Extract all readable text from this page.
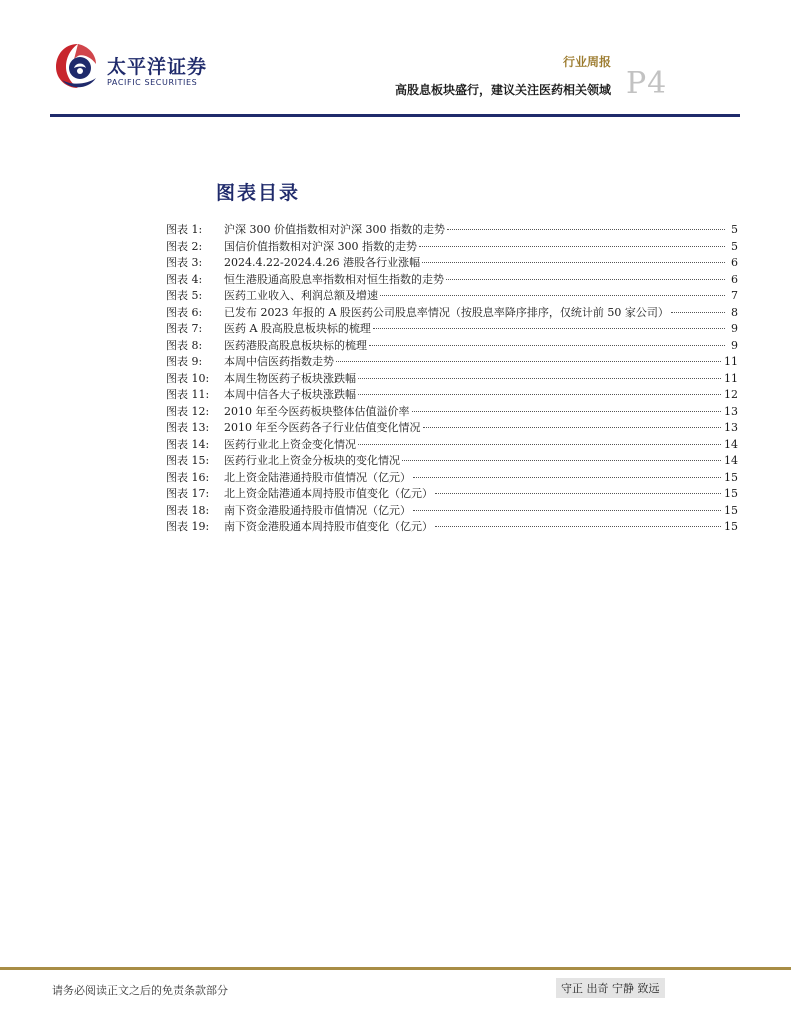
太平洋证券
PACIFIC SECURITIES
行业周报
高股息板块盛行，建议关注医药相关领域 P4
图表目录
图表 1:	沪深 300 价值指数相对沪深 300 指数的走势	5
图表 2:	国信价值指数相对沪深 300 指数的走势	5
图表 3:	2024.4.22-2024.4.26 港股各行业涨幅	6
图表 4:	恒生港股通高股息率指数相对恒生指数的走势	6
图表 5:	医药工业收入、利润总额及增速	7
图表 6:	已发布 2023 年报的 A 股医药公司股息率情况（按股息率降序排序，仅统计前 50 家公司）	8
图表 7:	医药 A 股高股息板块标的梳理	9
图表 8:	医药港股高股息板块标的梳理	9
图表 9:	本周中信医药指数走势	11
图表 10:	本周生物医药子板块涨跌幅	11
图表 11:	本周中信各大子板块涨跌幅	12
图表 12:	2010 年至今医药板块整体估值溢价率	13
图表 13:	2010 年至今医药各子行业估值变化情况	13
图表 14:	医药行业北上资金变化情况	14
图表 15:	医药行业北上资金分板块的变化情况	14
图表 16:	北上资金陆港通持股市值情况（亿元）	15
图表 17:	北上资金陆港通本周持股市值变化（亿元）	15
图表 18:	南下资金港股通持股市值情况（亿元）	15
图表 19:	南下资金港股通本周持股市值变化（亿元）	15
请务必阅读正文之后的免责条款部分	守正 出奇 宁静 致远
